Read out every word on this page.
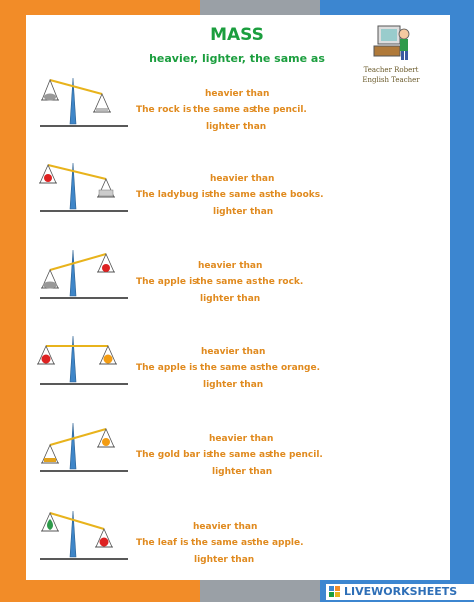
MASS
heavier, lighter, the same as
Teacher Robert
English Teacher
heavier than
The rock is the same as
the pencil.
lighter than
heavier than
The ladybug is
the same as the books.
lighter than
heavier than
The apple is
the same as the rock.
lighter than
heavier than
The apple is the same as the orange.
lighter than
heavier than
The gold bar is
the same as
the pencil.
lighter than
heavier than
The leaf is the same as the apple.
lighter than
LIVEWORKSHEETS
